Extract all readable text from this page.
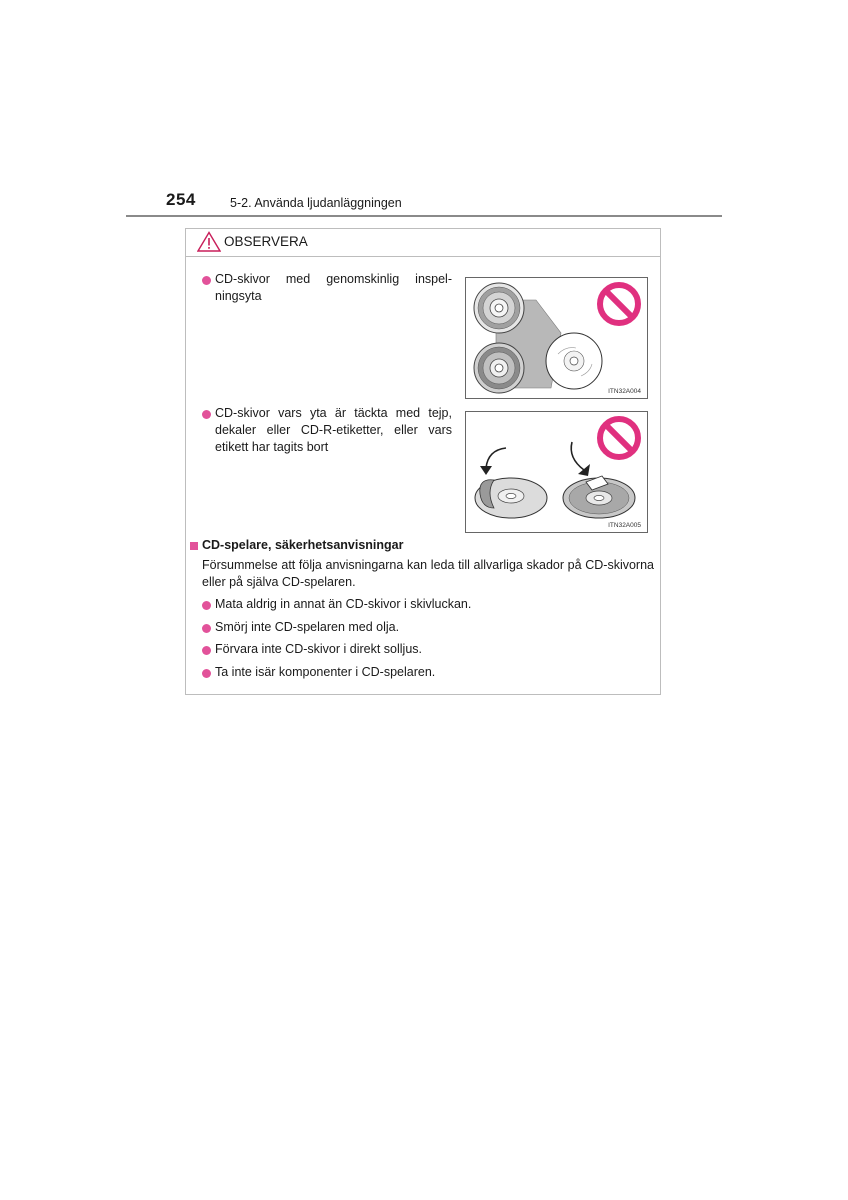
254	5-2. Använda ljudanläggningen
OBSERVERA
CD-skivor med genomskinlig inspel-ningsyta
ITN32A004
CD-skivor vars yta är täckta med tejp, dekaler eller CD-R-etiketter, eller vars etikett har tagits bort
ITN32A005
CD-spelare, säkerhetsanvisningar
Försummelse att följa anvisningarna kan leda till allvarliga skador på CD-skivorna eller på själva CD-spelaren.
Mata aldrig in annat än CD-skivor i skivluckan.
Smörj inte CD-spelaren med olja.
Förvara inte CD-skivor i direkt solljus.
Ta inte isär komponenter i CD-spelaren.
